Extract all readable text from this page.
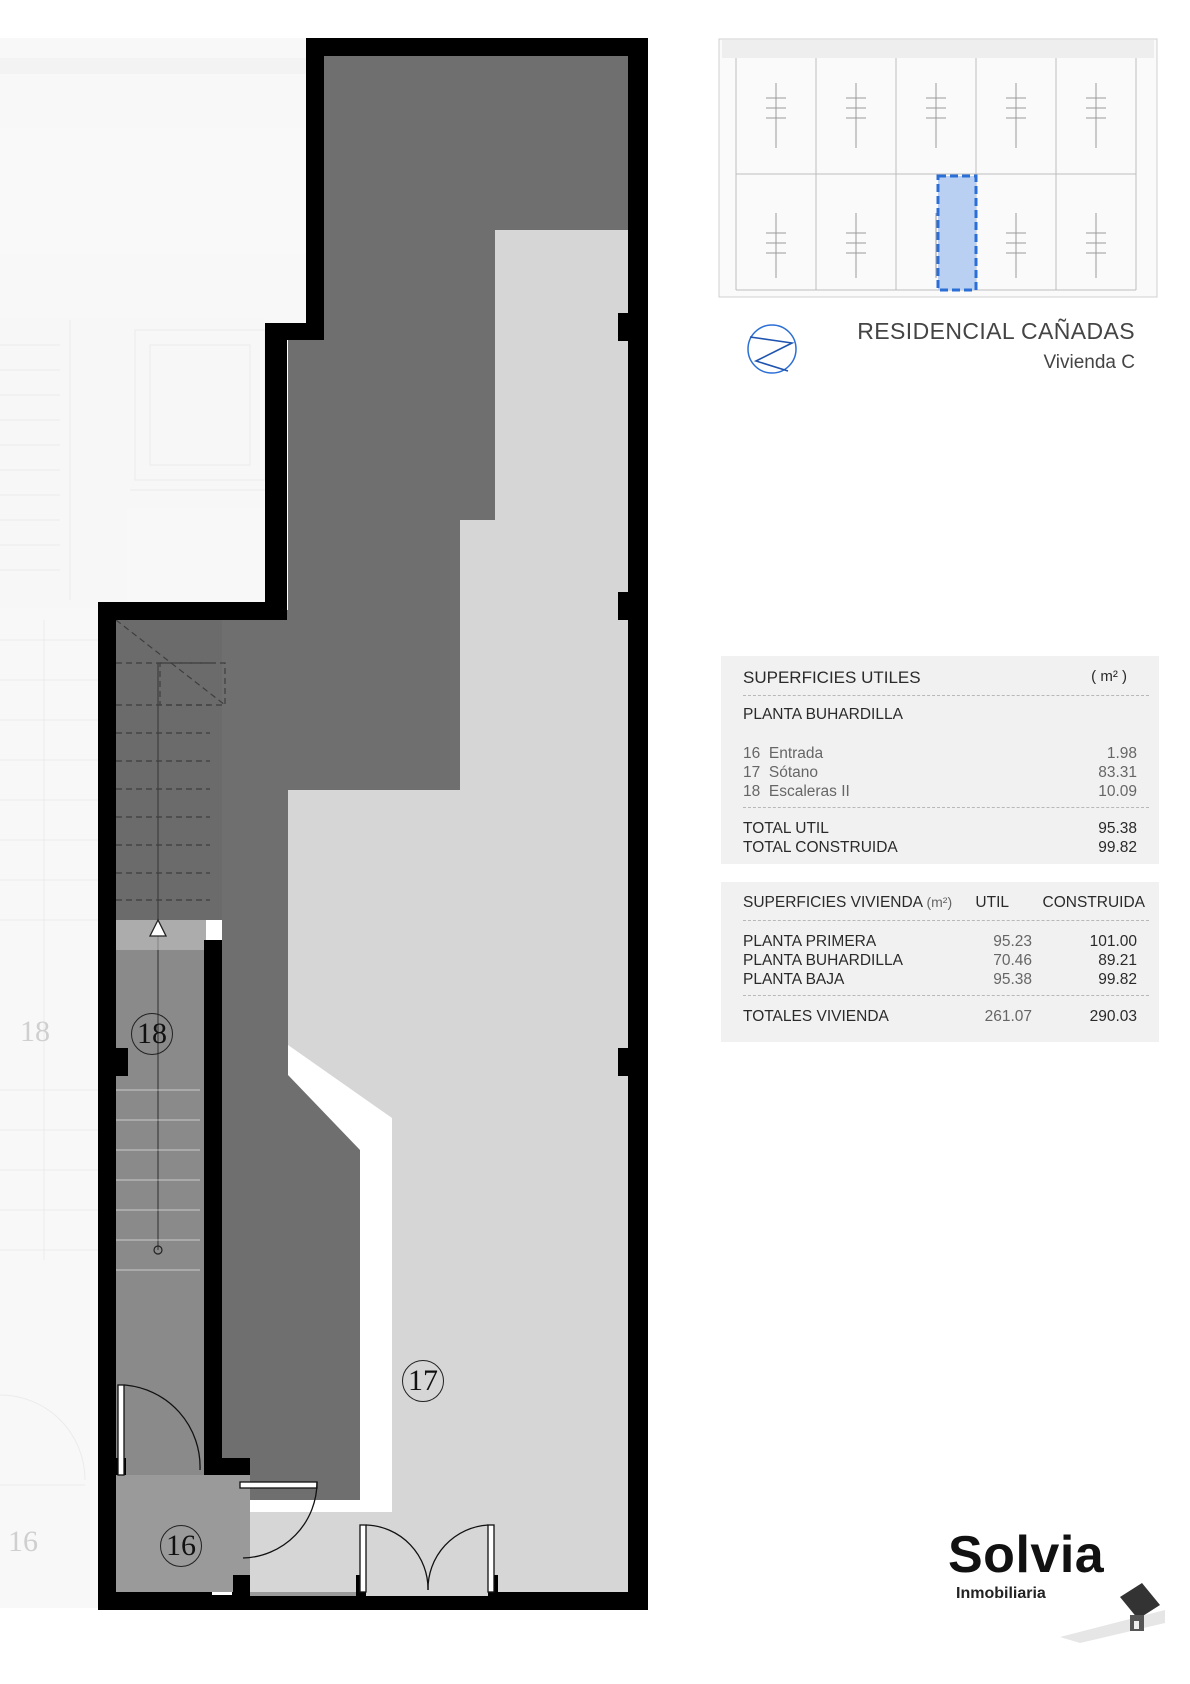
18
17
16
18
16
RESIDENCIAL CAÑADAS
Vivienda C
SUPERFICIES UTILES	( m² )
PLANTA BUHARDILLA
16 Entrada	1.98
17 Sótano	83.31
18 Escaleras II	10.09
TOTAL UTIL	95.38
TOTAL CONSTRUIDA	99.82
SUPERFICIES VIVIENDA (m²) UTIL CONSTRUIDA
PLANTA PRIMERA	95.23	101.00
PLANTA BUHARDILLA	70.46	89.21
PLANTA BAJA	95.38	99.82
TOTALES VIVIENDA	261.07	290.03
Solvia
Inmobiliaria
